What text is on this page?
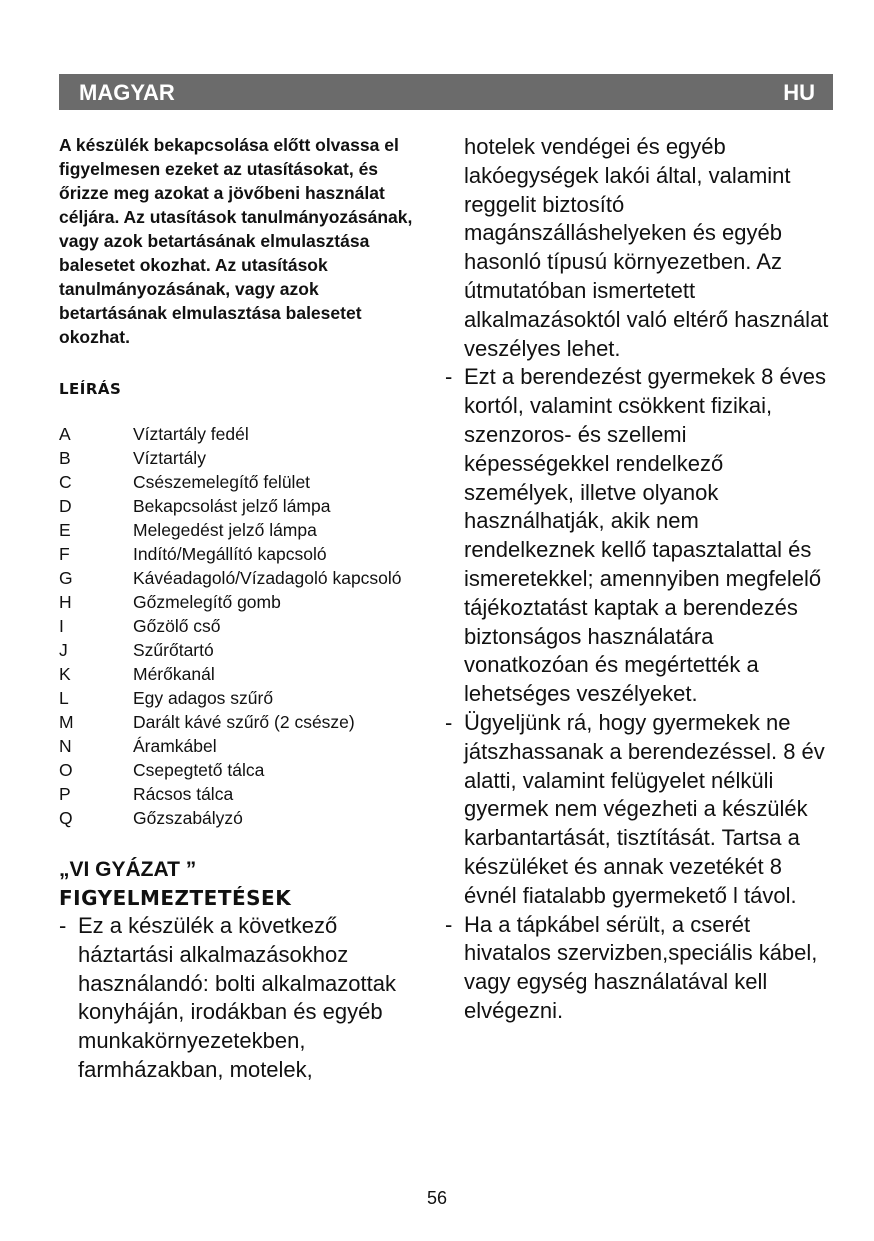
MAGYAR	HU

A készülék bekapcsolása előtt olvassa el figyelmesen ezeket az utasításokat, és őrizze meg azokat a jövőbeni használat céljára. Az utasítások tanulmányozásának, vagy azok betartásának elmulasztása balesetet okozhat. Az utasítások tanulmányozásának, vagy azok betartásának elmulasztása balesetet okozhat.

LEÍRÁS
A	Víztartály fedél
B	Víztartály
C	Csészemelegítő felület
D	Bekapcsolást jelző lámpa
E	Melegedést jelző lámpa
F	Indító/Megállító kapcsoló
G	Kávéadagoló/Vízadagoló kapcsoló
H	Gőzmelegítő gomb
I	Gőzölő cső
J	Szűrőtartó
K	Mérőkanál
L	Egy adagos szűrő
M	Darált kávé szűrő (2 csésze)
N	Áramkábel
O	Csepegtető tálca
P	Rácsos tálca
Q	Gőzszabályzó
„VI GYÁZAT ”
FIGYELMEZTETÉSEK
- Ez a készülék a következő háztartási alkalmazásokhoz használandó: bolti alkalmazottak konyháján, irodákban és egyéb munkakörnyezetekben, farmházakban, motelek,

hotelek vendégei és egyéb lakóegységek lakói által, valamint reggelit biztosító magánszálláshelyeken és egyéb hasonló típusú környezetben. Az útmutatóban ismertetett alkalmazásoktól való eltérő használat veszélyes lehet.

- Ezt a berendezést gyermekek 8 éves kortól, valamint csökkent fizikai, szenzoros- és szellemi képességekkel rendelkező személyek, illetve olyanok használhatják, akik nem rendelkeznek kellő tapasztalattal és ismeretekkel; amennyiben megfelelő tájékoztatást kaptak a berendezés biztonságos használatára vonatkozóan és megértették a lehetséges veszélyeket.
- Ügyeljünk rá, hogy gyermekek ne játszhassanak a berendezéssel. 8 év alatti, valamint felügyelet nélküli gyermek nem végezheti a készülék karbantartását, tisztítását. Tartsa a készüléket és annak vezetékét 8 évnél fiatalabb gyermekető l távol.
- Ha a tápkábel sérült, a cserét hivatalos szervizben,speciális kábel, vagy egység használatával kell elvégezni.
56
